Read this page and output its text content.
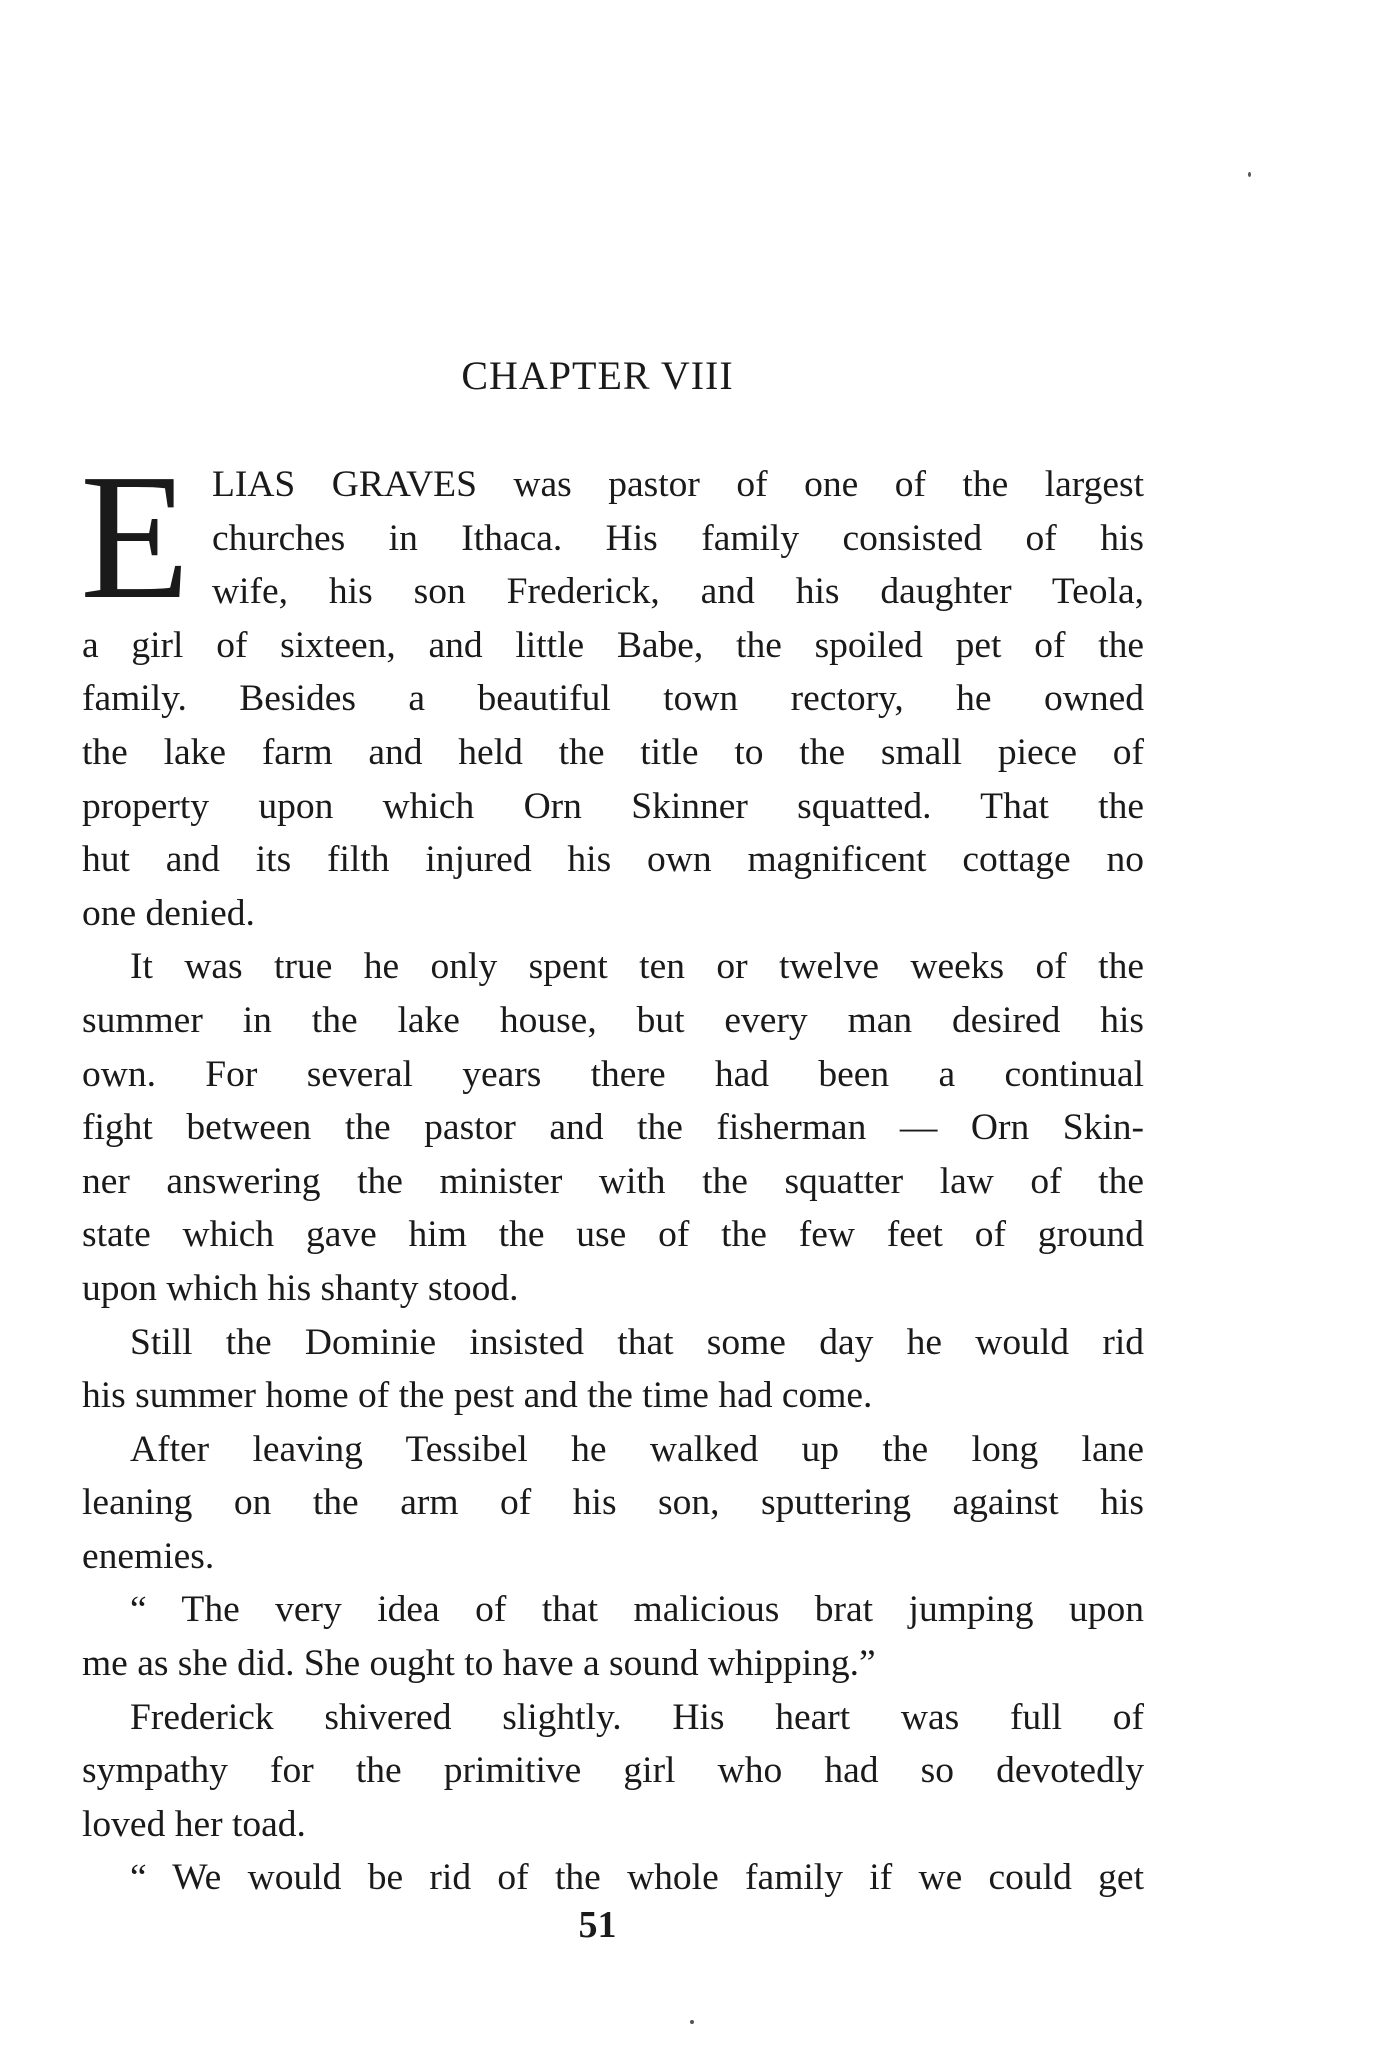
CHAPTER VIII
E LIAS GRAVES was pastor of one of the largest
churches in Ithaca. His family consisted of his
wife, his son Frederick, and his daughter Teola,
a girl of sixteen, and little Babe, the spoiled pet of the
family. Besides a beautiful town rectory, he owned
the lake farm and held the title to the small piece of
property upon which Orn Skinner squatted. That the
hut and its filth injured his own magnificent cottage no
one denied.
It was true he only spent ten or twelve weeks of the
summer in the lake house, but every man desired his
own. For several years there had been a continual
fight between the pastor and the fisherman — Orn Skin-
ner answering the minister with the squatter law of the
state which gave him the use of the few feet of ground
upon which his shanty stood.
Still the Dominie insisted that some day he would rid
his summer home of the pest and the time had come.
After leaving Tessibel he walked up the long lane
leaning on the arm of his son, sputtering against his
enemies.
“ The very idea of that malicious brat jumping upon
me as she did. She ought to have a sound whipping.”
Frederick shivered slightly. His heart was full of
sympathy for the primitive girl who had so devotedly
loved her toad.
“ We would be rid of the whole family if we could get
51
